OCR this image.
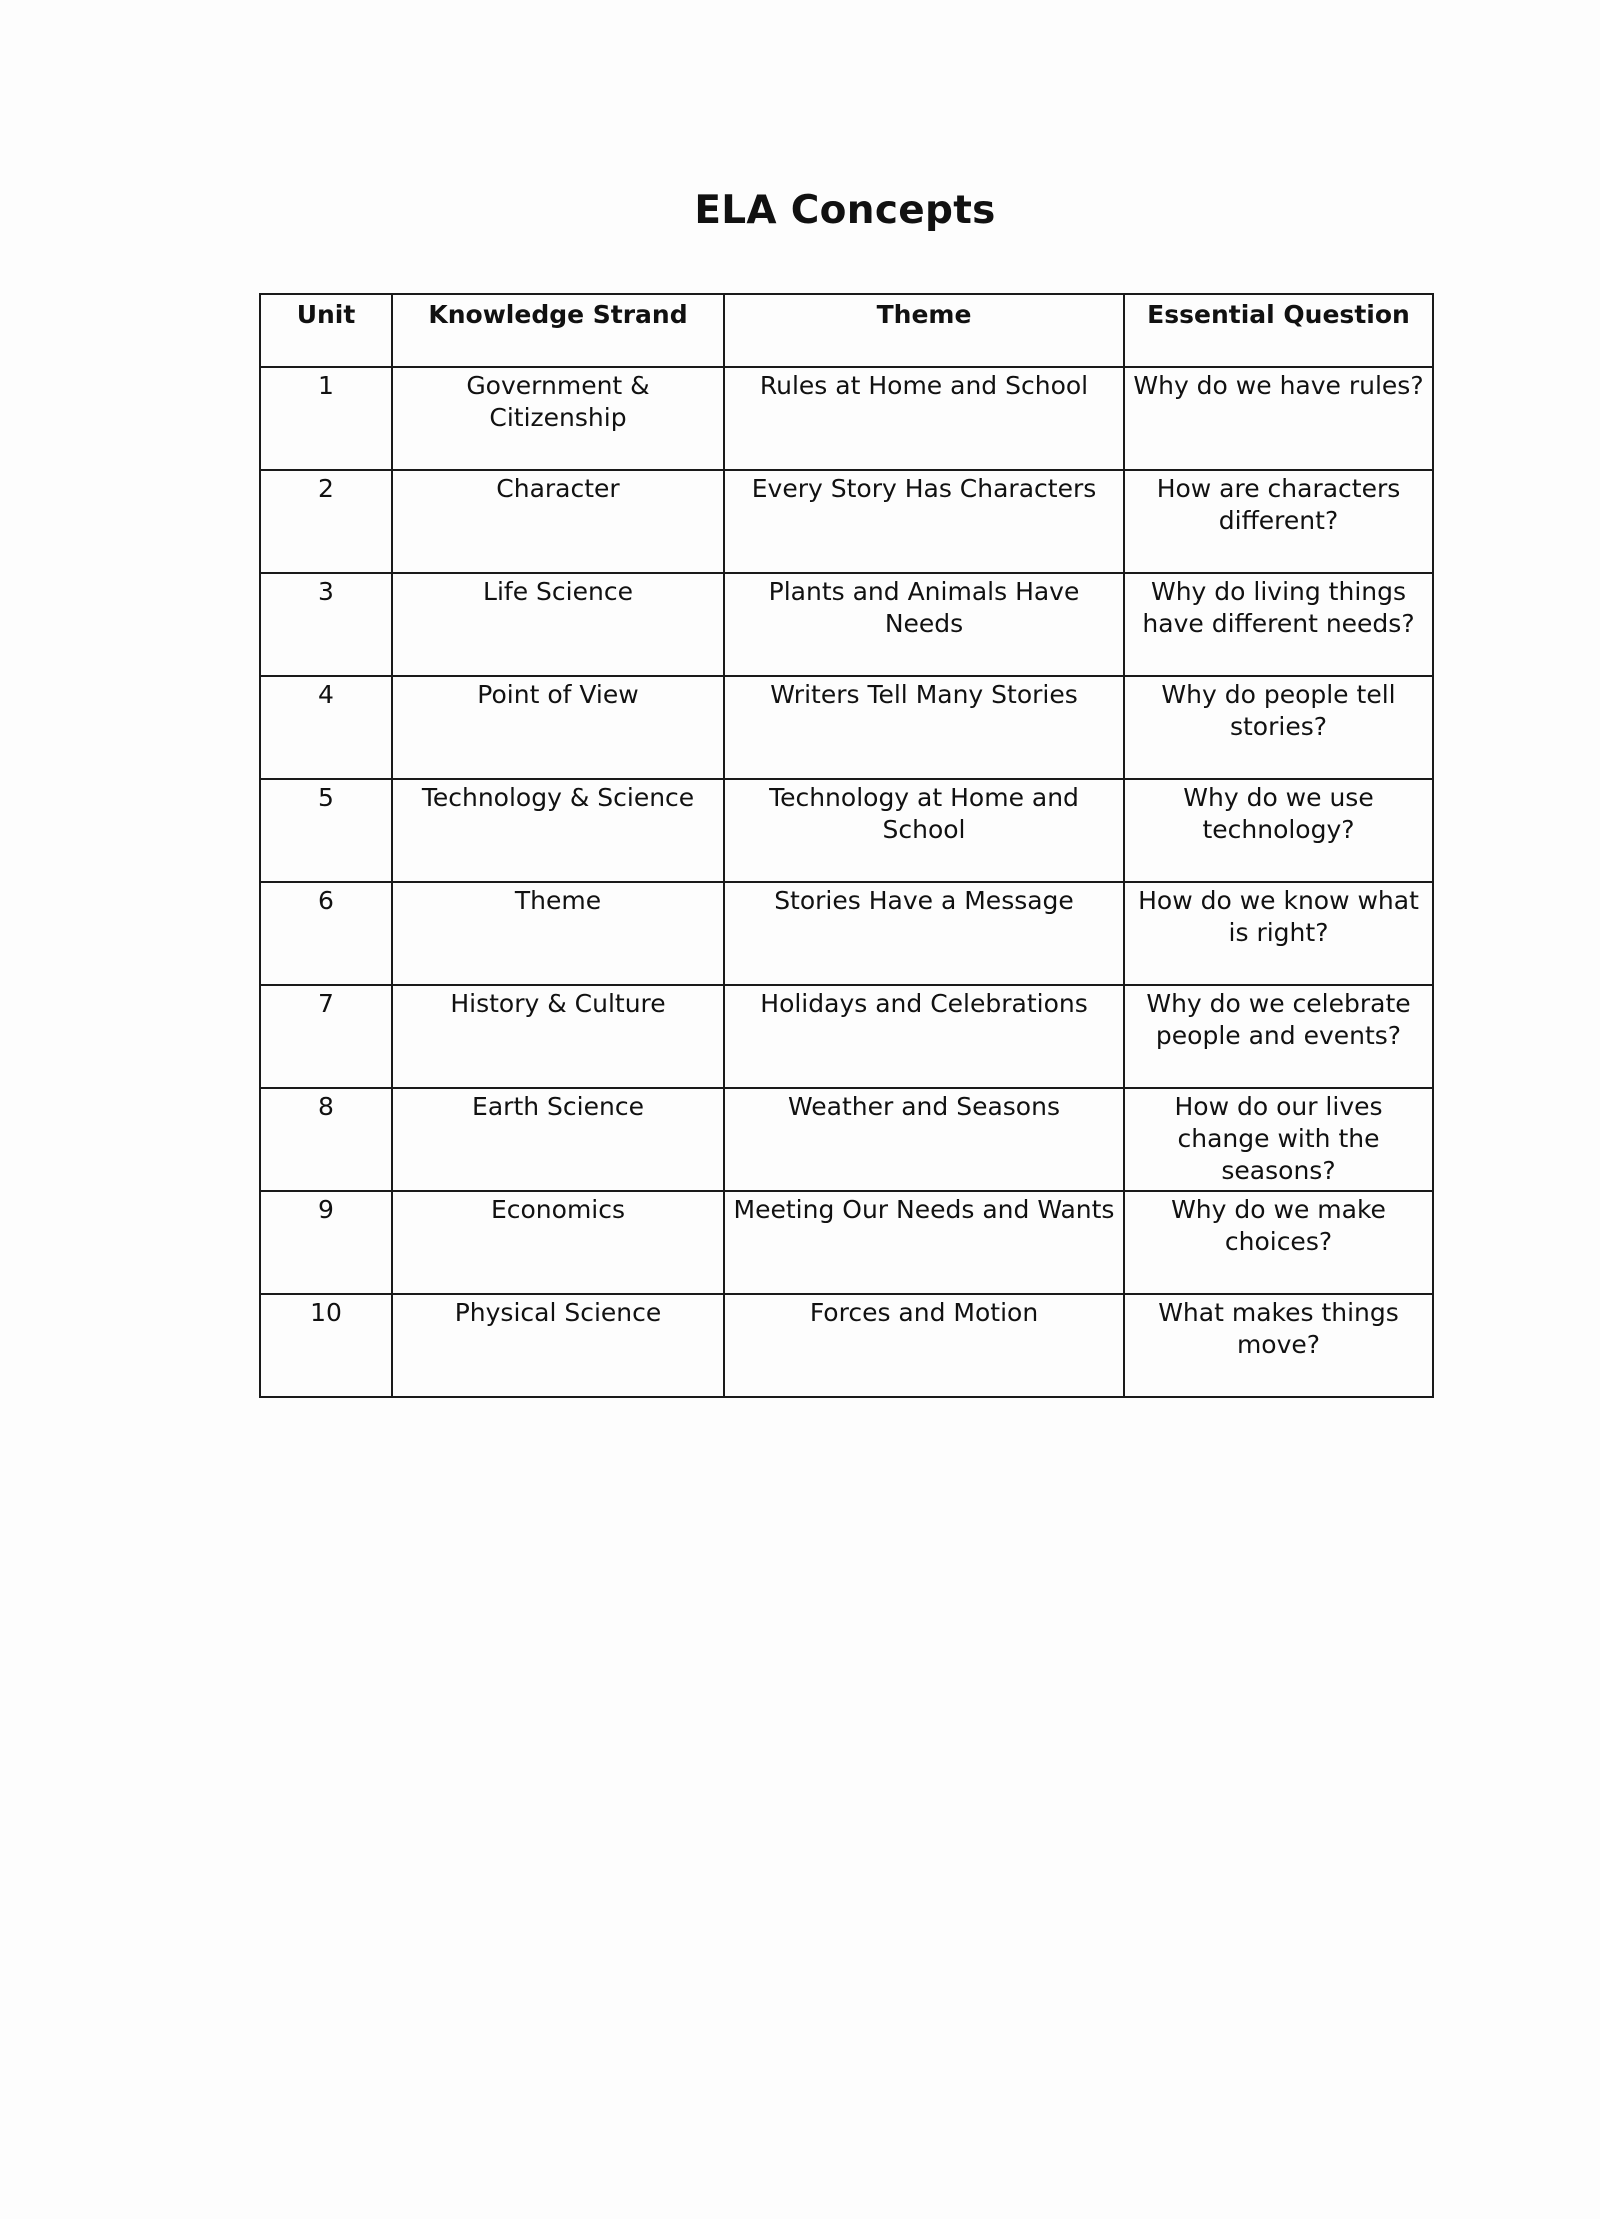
ELA Concepts
Unit	Knowledge Strand	Theme	Essential Question
1	Government & Citizenship	Rules at Home and School	Why do we have rules?
2	Character	Every Story Has Characters	How are characters different?
3	Life Science	Plants and Animals Have Needs	Why do living things have different needs?
4	Point of View	Writers Tell Many Stories	Why do people tell stories?
5	Technology & Science	Technology at Home and School	Why do we use technology?
6	Theme	Stories Have a Message	How do we know what is right?
7	History & Culture	Holidays and Celebrations	Why do we celebrate people and events?
8	Earth Science	Weather and Seasons	How do our lives change with the seasons?
9	Economics	Meeting Our Needs and Wants	Why do we make choices?
10	Physical Science	Forces and Motion	What makes things move?
